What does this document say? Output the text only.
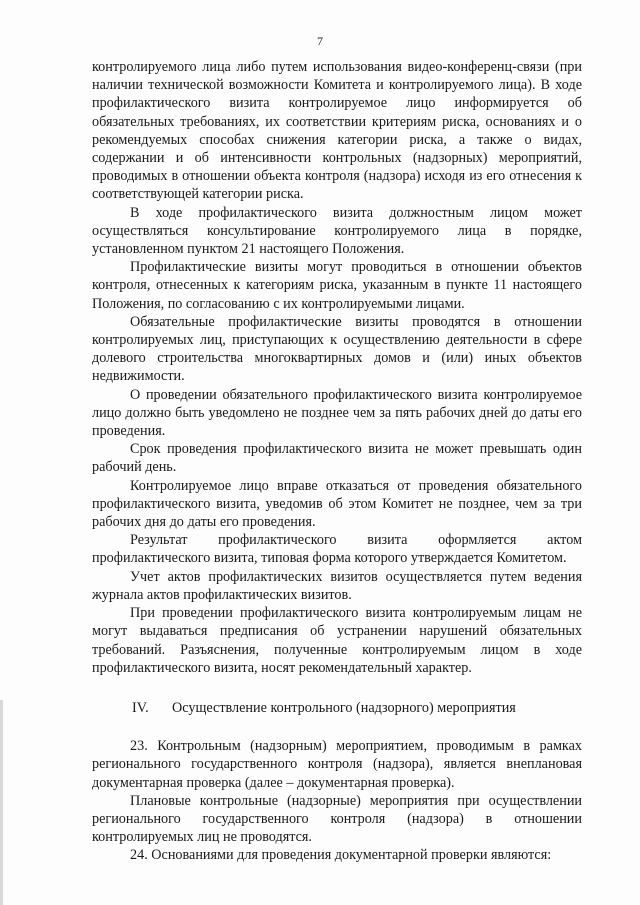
7

контролируемого лица либо путем использования видео-конференц-связи (при наличии технической возможности Комитета и контролируемого лица). В ходе профилактического визита контролируемое лицо информируется об обязательных требованиях, их соответствии критериям риска, основаниях и о рекомендуемых способах снижения категории риска, а также о видах, содержании и об интенсивности контрольных (надзорных) мероприятий, проводимых в отношении объекта контроля (надзора) исходя из его отнесения к соответствующей категории риска.

В ходе профилактического визита должностным лицом может осуществляться консультирование контролируемого лица в порядке, установленном пунктом 21 настоящего Положения.

Профилактические визиты могут проводиться в отношении объектов контроля, отнесенных к категориям риска, указанным в пункте 11 настоящего Положения, по согласованию с их контролируемыми лицами.

Обязательные профилактические визиты проводятся в отношении контролируемых лиц, приступающих к осуществлению деятельности в сфере долевого строительства многоквартирных домов и (или) иных объектов недвижимости.

О проведении обязательного профилактического визита контролируемое лицо должно быть уведомлено не позднее чем за пять рабочих дней до даты его проведения.

Срок проведения профилактического визита не может превышать один рабочий день.

Контролируемое лицо вправе отказаться от проведения обязательного профилактического визита, уведомив об этом Комитет не позднее, чем за три рабочих дня до даты его проведения.

Результат профилактического визита оформляется актом профилактического визита, типовая форма которого утверждается Комитетом.

Учет актов профилактических визитов осуществляется путем ведения журнала актов профилактических визитов.

При проведении профилактического визита контролируемым лицам не могут выдаваться предписания об устранении нарушений обязательных требований. Разъяснения, полученные контролируемым лицом в ходе профилактического визита, носят рекомендательный характер.

IV. Осуществление контрольного (надзорного) мероприятия

23. Контрольным (надзорным) мероприятием, проводимым в рамках регионального государственного контроля (надзора), является внеплановая документарная проверка (далее – документарная проверка).

Плановые контрольные (надзорные) мероприятия при осуществлении регионального государственного контроля (надзора) в отношении контролируемых лиц не проводятся.

24. Основаниями для проведения документарной проверки являются:
